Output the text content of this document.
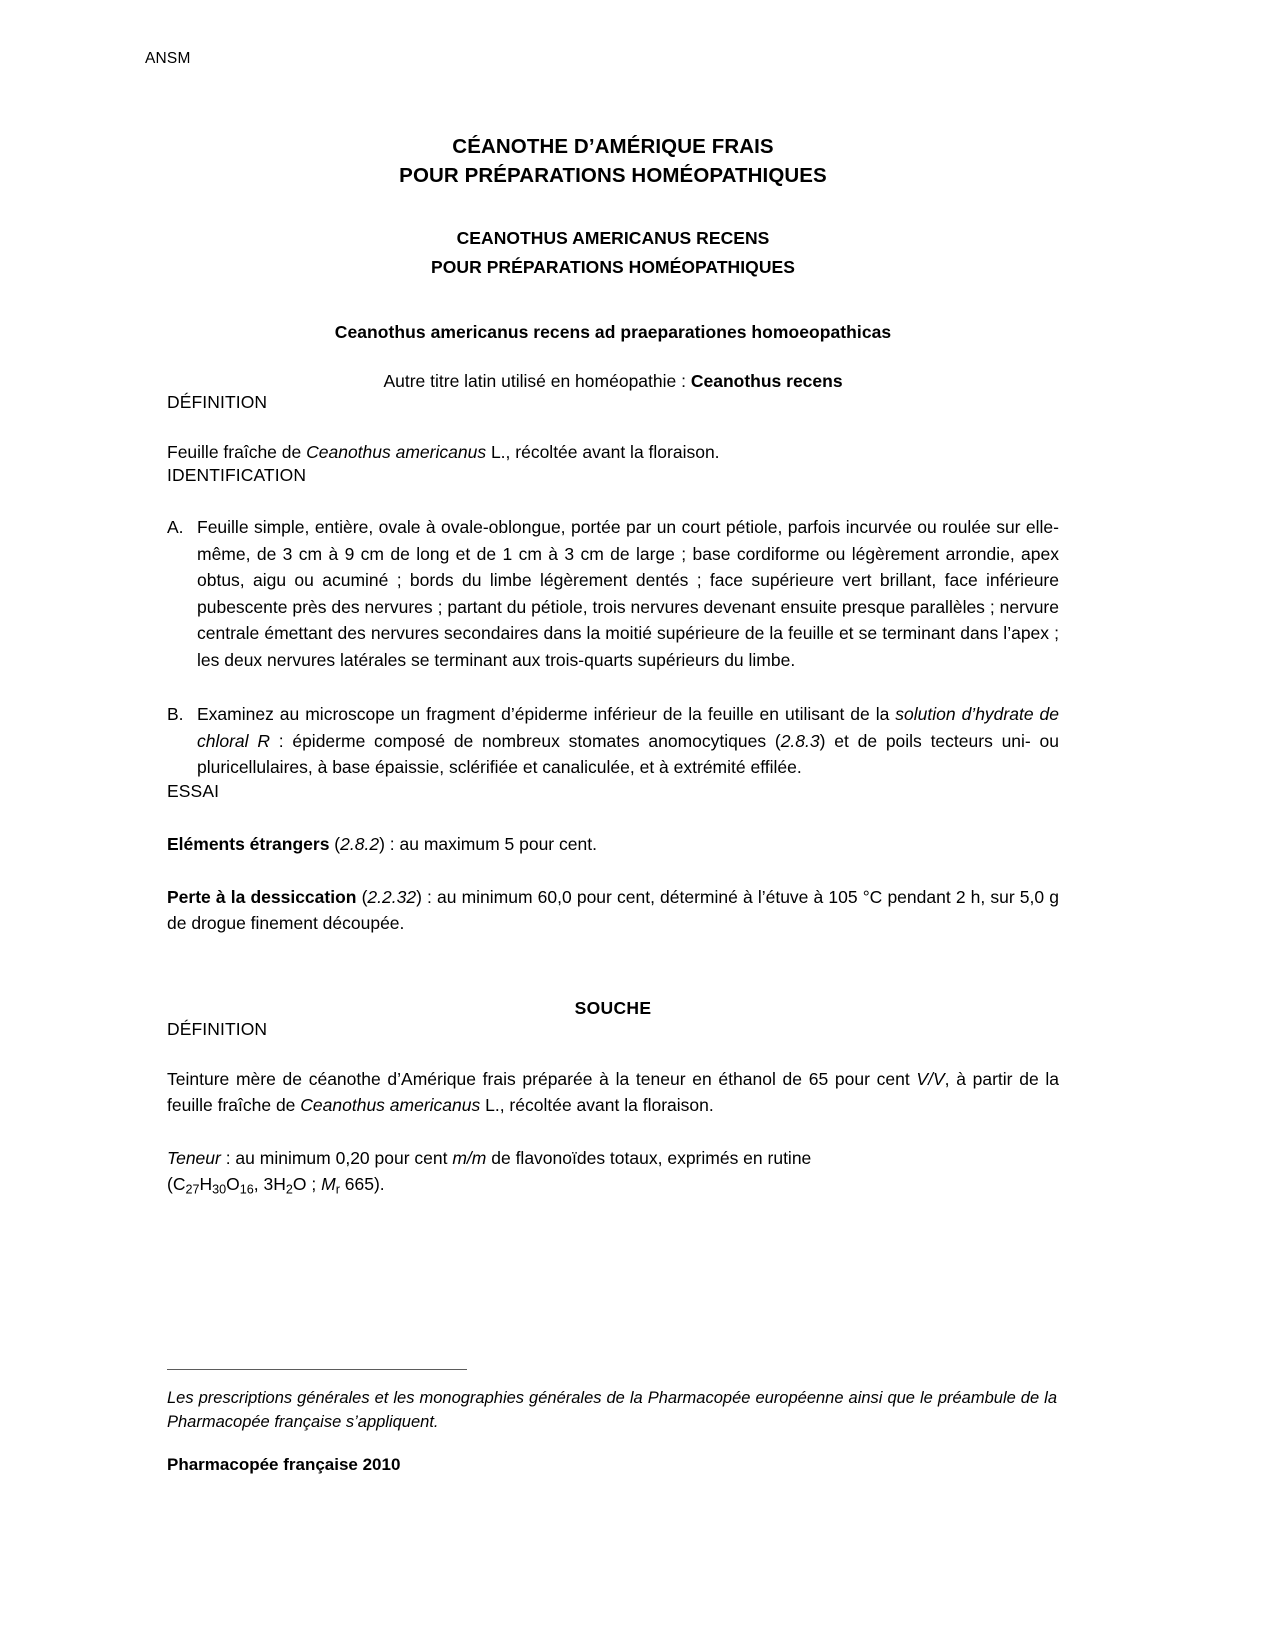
ANSM
CÉANOTHE D’AMÉRIQUE FRAIS
POUR PRÉPARATIONS HOMÉOPATHIQUES
CEANOTHUS AMERICANUS RECENS
POUR PRÉPARATIONS HOMÉOPATHIQUES
Ceanothus americanus recens ad praeparationes homoeopathicas
Autre titre latin utilisé en homéopathie : Ceanothus recens
DÉFINITION

Feuille fraîche de Ceanothus americanus L., récoltée avant la floraison.

IDENTIFICATION
A. Feuille simple, entière, ovale à ovale-oblongue, portée par un court pétiole, parfois incurvée ou roulée sur elle-même, de 3 cm à 9 cm de long et de 1 cm à 3 cm de large ; base cordiforme ou légèrement arrondie, apex obtus, aigu ou acuminé ; bords du limbe légèrement dentés ; face supérieure vert brillant, face inférieure pubescente près des nervures ; partant du pétiole, trois nervures devenant ensuite presque parallèles ; nervure centrale émettant des nervures secondaires dans la moitié supérieure de la feuille et se terminant dans l’apex ; les deux nervures latérales se terminant aux trois-quarts supérieurs du limbe.
B. Examinez au microscope un fragment d’épiderme inférieur de la feuille en utilisant de la solution d’hydrate de chloral R : épiderme composé de nombreux stomates anomocytiques (2.8.3) et de poils tecteurs uni- ou pluricellulaires, à base épaissie, sclérifiée et canaliculée, et à extrémité effilée.
ESSAI

Eléments étrangers (2.8.2) : au maximum 5 pour cent.

Perte à la dessiccation (2.2.32) : au minimum 60,0 pour cent, déterminé à l’étuve à 105 °C pendant 2 h, sur 5,0 g de drogue finement découpée.

SOUCHE
DÉFINITION

Teinture mère de céanothe d’Amérique frais préparée à la teneur en éthanol de 65 pour cent V/V, à partir de la feuille fraîche de Ceanothus americanus L., récoltée avant la floraison.

Teneur : au minimum 0,20 pour cent m/m de flavonoïdes totaux, exprimés en rutine
($C_{27}H_{30}O_{16}$, $3H_2O$ ; $M_r$ 665).

Les prescriptions générales et les monographies générales de la Pharmacopée européenne ainsi que le préambule de la Pharmacopée française s’appliquent.
Pharmacopée française 2010
